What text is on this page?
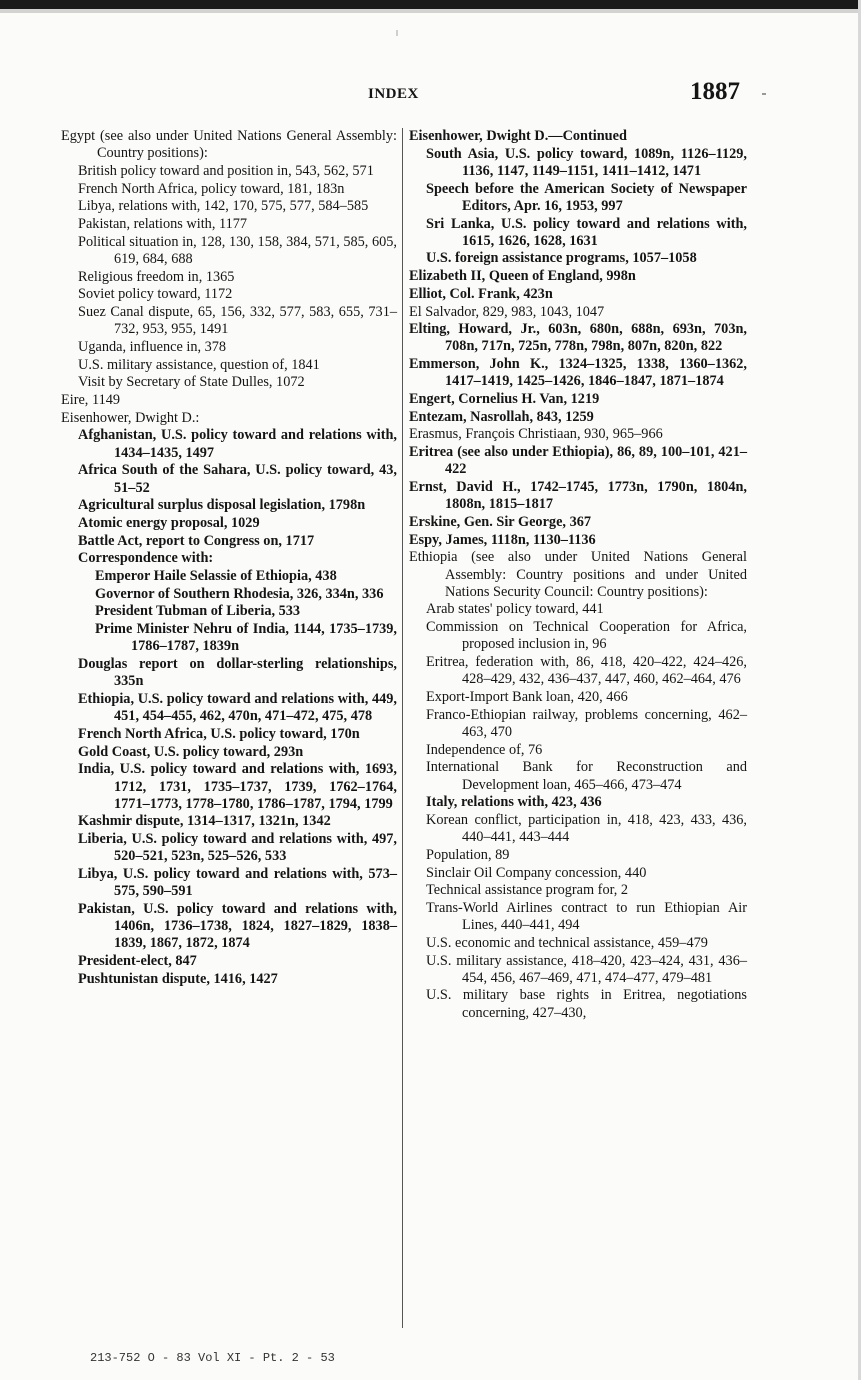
INDEX	1887
Egypt (see also under United Nations General Assembly: Country positions):
British policy toward and position in, 543, 562, 571
French North Africa, policy toward, 181, 183n
Libya, relations with, 142, 170, 575, 577, 584–585
Pakistan, relations with, 1177
Political situation in, 128, 130, 158, 384, 571, 585, 605, 619, 684, 688
Religious freedom in, 1365
Soviet policy toward, 1172
Suez Canal dispute, 65, 156, 332, 577, 583, 655, 731–732, 953, 955, 1491
Uganda, influence in, 378
U.S. military assistance, question of, 1841
Visit by Secretary of State Dulles, 1072
Eire, 1149
Eisenhower, Dwight D.:
Afghanistan, U.S. policy toward and relations with, 1434–1435, 1497
Africa South of the Sahara, U.S. policy toward, 43, 51–52
Agricultural surplus disposal legislation, 1798n
Atomic energy proposal, 1029
Battle Act, report to Congress on, 1717
Correspondence with:
Emperor Haile Selassie of Ethiopia, 438
Governor of Southern Rhodesia, 326, 334n, 336
President Tubman of Liberia, 533
Prime Minister Nehru of India, 1144, 1735–1739, 1786–1787, 1839n
Douglas report on dollar-sterling relationships, 335n
Ethiopia, U.S. policy toward and relations with, 449, 451, 454–455, 462, 470n, 471–472, 475, 478
French North Africa, U.S. policy toward, 170n
Gold Coast, U.S. policy toward, 293n
India, U.S. policy toward and relations with, 1693, 1712, 1731, 1735–1737, 1739, 1762–1764, 1771–1773, 1778–1780, 1786–1787, 1794, 1799
Kashmir dispute, 1314–1317, 1321n, 1342
Liberia, U.S. policy toward and relations with, 497, 520–521, 523n, 525–526, 533
Libya, U.S. policy toward and relations with, 573–575, 590–591
Pakistan, U.S. policy toward and relations with, 1406n, 1736–1738, 1824, 1827–1829, 1838–1839, 1867, 1872, 1874
President-elect, 847
Pushtunistan dispute, 1416, 1427
Eisenhower, Dwight D.—Continued
South Asia, U.S. policy toward, 1089n, 1126–1129, 1136, 1147, 1149–1151, 1411–1412, 1471
Speech before the American Society of Newspaper Editors, Apr. 16, 1953, 997
Sri Lanka, U.S. policy toward and relations with, 1615, 1626, 1628, 1631
U.S. foreign assistance programs, 1057–1058
Elizabeth II, Queen of England, 998n
Elliot, Col. Frank, 423n
El Salvador, 829, 983, 1043, 1047
Elting, Howard, Jr., 603n, 680n, 688n, 693n, 703n, 708n, 717n, 725n, 778n, 798n, 807n, 820n, 822
Emmerson, John K., 1324–1325, 1338, 1360–1362, 1417–1419, 1425–1426, 1846–1847, 1871–1874
Engert, Cornelius H. Van, 1219
Entezam, Nasrollah, 843, 1259
Erasmus, François Christiaan, 930, 965–966
Eritrea (see also under Ethiopia), 86, 89, 100–101, 421–422
Ernst, David H., 1742–1745, 1773n, 1790n, 1804n, 1808n, 1815–1817
Erskine, Gen. Sir George, 367
Espy, James, 1118n, 1130–1136
Ethiopia (see also under United Nations General Assembly: Country positions and under United Nations Security Council: Country positions):
Arab states' policy toward, 441
Commission on Technical Cooperation for Africa, proposed inclusion in, 96
Eritrea, federation with, 86, 418, 420–422, 424–426, 428–429, 432, 436–437, 447, 460, 462–464, 476
Export-Import Bank loan, 420, 466
Franco-Ethiopian railway, problems concerning, 462–463, 470
Independence of, 76
International Bank for Reconstruction and Development loan, 465–466, 473–474
Italy, relations with, 423, 436
Korean conflict, participation in, 418, 423, 433, 436, 440–441, 443–444
Population, 89
Sinclair Oil Company concession, 440
Technical assistance program for, 2
Trans-World Airlines contract to run Ethiopian Air Lines, 440–441, 494
U.S. economic and technical assistance, 459–479
U.S. military assistance, 418–420, 423–424, 431, 436–454, 456, 467–469, 471, 474–477, 479–481
U.S. military base rights in Eritrea, negotiations concerning, 427–430,
213-752 O - 83 Vol XI - Pt. 2 - 53
